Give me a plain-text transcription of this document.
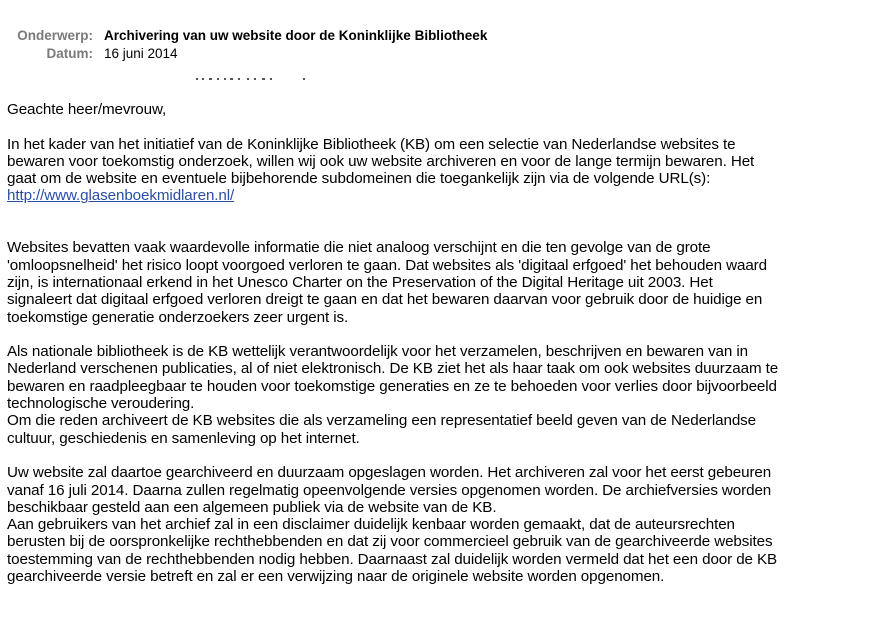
Onderwerp: Archivering van uw website door de Koninklijke Bibliotheek
Datum: 16 juni 2014

Geachte heer/mevrouw,

In het kader van het initiatief van de Koninklijke Bibliotheek (KB) om een selectie van Nederlandse websites te

bewaren voor toekomstig onderzoek, willen wij ook uw website archiveren en voor de lange termijn bewaren. Het

gaat om de website en eventuele bijbehorende subdomeinen die toegankelijk zijn via de volgende URL(s):

http://www.glasenboekmidlaren.nl/

Websites bevatten vaak waardevolle informatie die niet analoog verschijnt en die ten gevolge van de grote

'omloopsnelheid' het risico loopt voorgoed verloren te gaan. Dat websites als 'digitaal erfgoed' het behouden waard

zijn, is internationaal erkend in het Unesco Charter on the Preservation of the Digital Heritage uit 2003. Het

signaleert dat digitaal erfgoed verloren dreigt te gaan en dat het bewaren daarvan voor gebruik door de huidige en

toekomstige generatie onderzoekers zeer urgent is.

Als nationale bibliotheek is de KB wettelijk verantwoordelijk voor het verzamelen, beschrijven en bewaren van in

Nederland verschenen publicaties, al of niet elektronisch. De KB ziet het als haar taak om ook websites duurzaam te

bewaren en raadpleegbaar te houden voor toekomstige generaties en ze te behoeden voor verlies door bijvoorbeeld

technologische veroudering.

Om die reden archiveert de KB websites die als verzameling een representatief beeld geven van de Nederlandse

cultuur, geschiedenis en samenleving op het internet.

Uw website zal daartoe gearchiveerd en duurzaam opgeslagen worden. Het archiveren zal voor het eerst gebeuren

vanaf 16 juli 2014. Daarna zullen regelmatig opeenvolgende versies opgenomen worden. De archiefversies worden

beschikbaar gesteld aan een algemeen publiek via de website van de KB.

Aan gebruikers van het archief zal in een disclaimer duidelijk kenbaar worden gemaakt, dat de auteursrechten

berusten bij de oorspronkelijke rechthebbenden en dat zij voor commercieel gebruik van de gearchiveerde websites

toestemming van de rechthebbenden nodig hebben. Daarnaast zal duidelijk worden vermeld dat het een door de KB

gearchiveerde versie betreft en zal er een verwijzing naar de originele website worden opgenomen.
